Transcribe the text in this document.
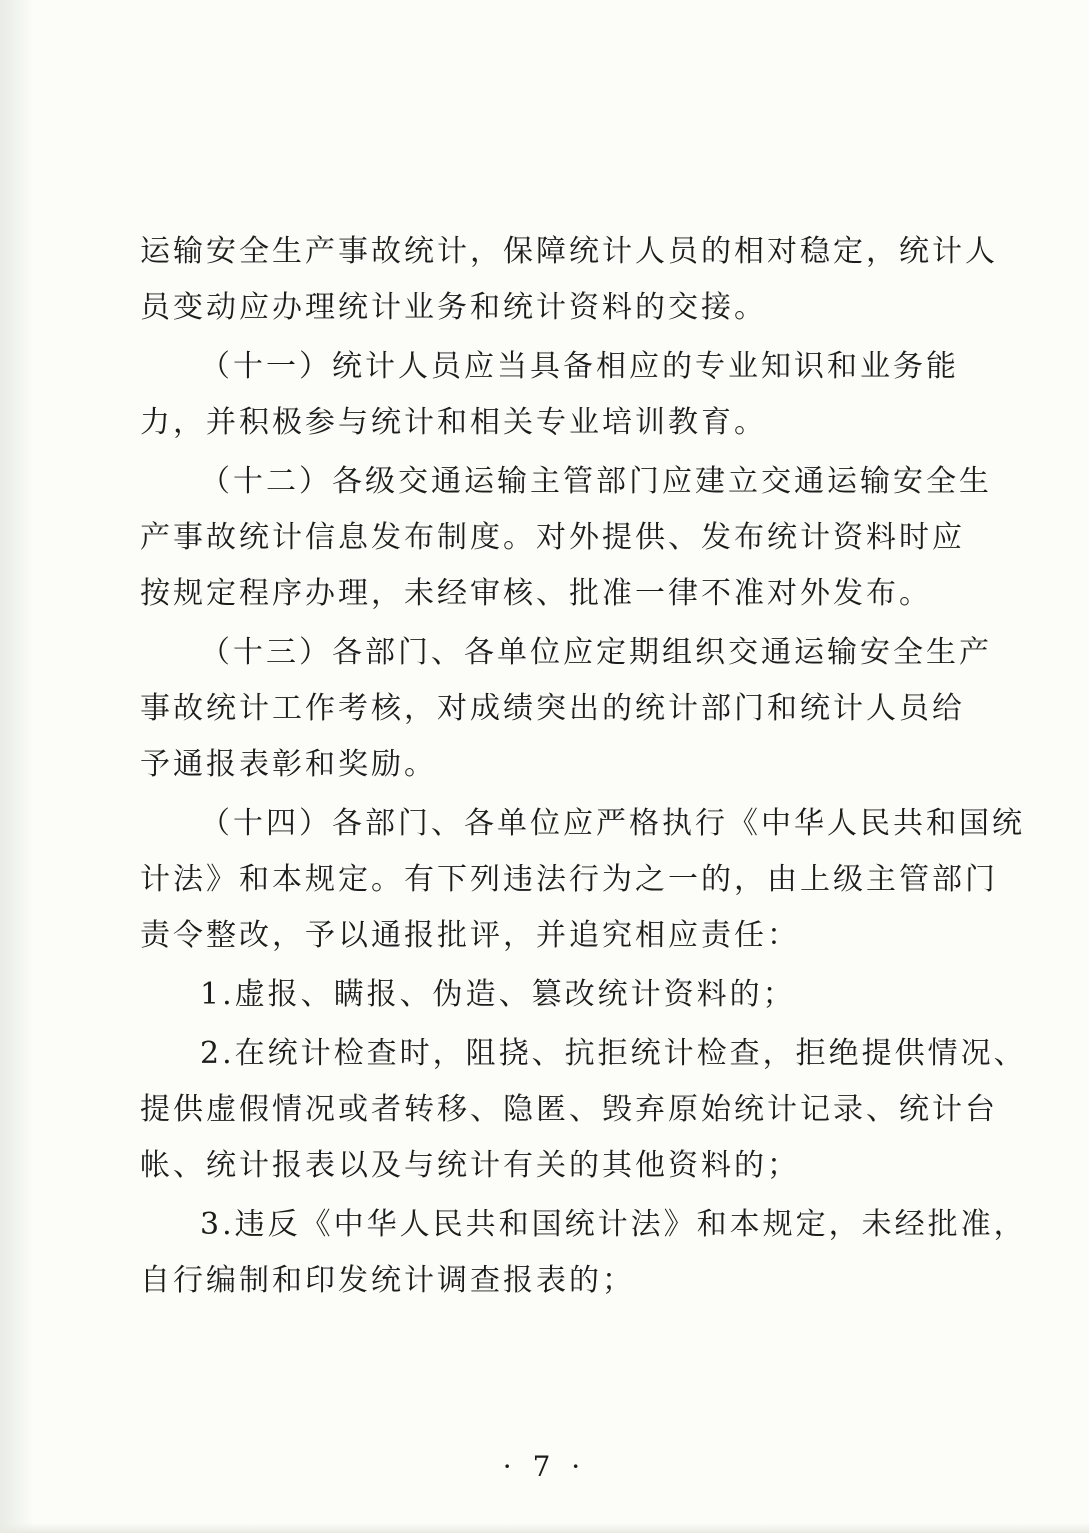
运输安全生产事故统计，保障统计人员的相对稳定，统计人
员变动应办理统计业务和统计资料的交接。
（十一）统计人员应当具备相应的专业知识和业务能
力，并积极参与统计和相关专业培训教育。
（十二）各级交通运输主管部门应建立交通运输安全生
产事故统计信息发布制度。对外提供、发布统计资料时应
按规定程序办理，未经审核、批准一律不准对外发布。
（十三）各部门、各单位应定期组织交通运输安全生产
事故统计工作考核，对成绩突出的统计部门和统计人员给
予通报表彰和奖励。
（十四）各部门、各单位应严格执行《中华人民共和国统
计法》和本规定。有下列违法行为之一的，由上级主管部门
责令整改，予以通报批评，并追究相应责任：
1.虚报、瞒报、伪造、篡改统计资料的；
2.在统计检查时，阻挠、抗拒统计检查，拒绝提供情况、
提供虚假情况或者转移、隐匿、毁弃原始统计记录、统计台
帐、统计报表以及与统计有关的其他资料的；
3.违反《中华人民共和国统计法》和本规定，未经批准，
自行编制和印发统计调查报表的；
· 7 ·
